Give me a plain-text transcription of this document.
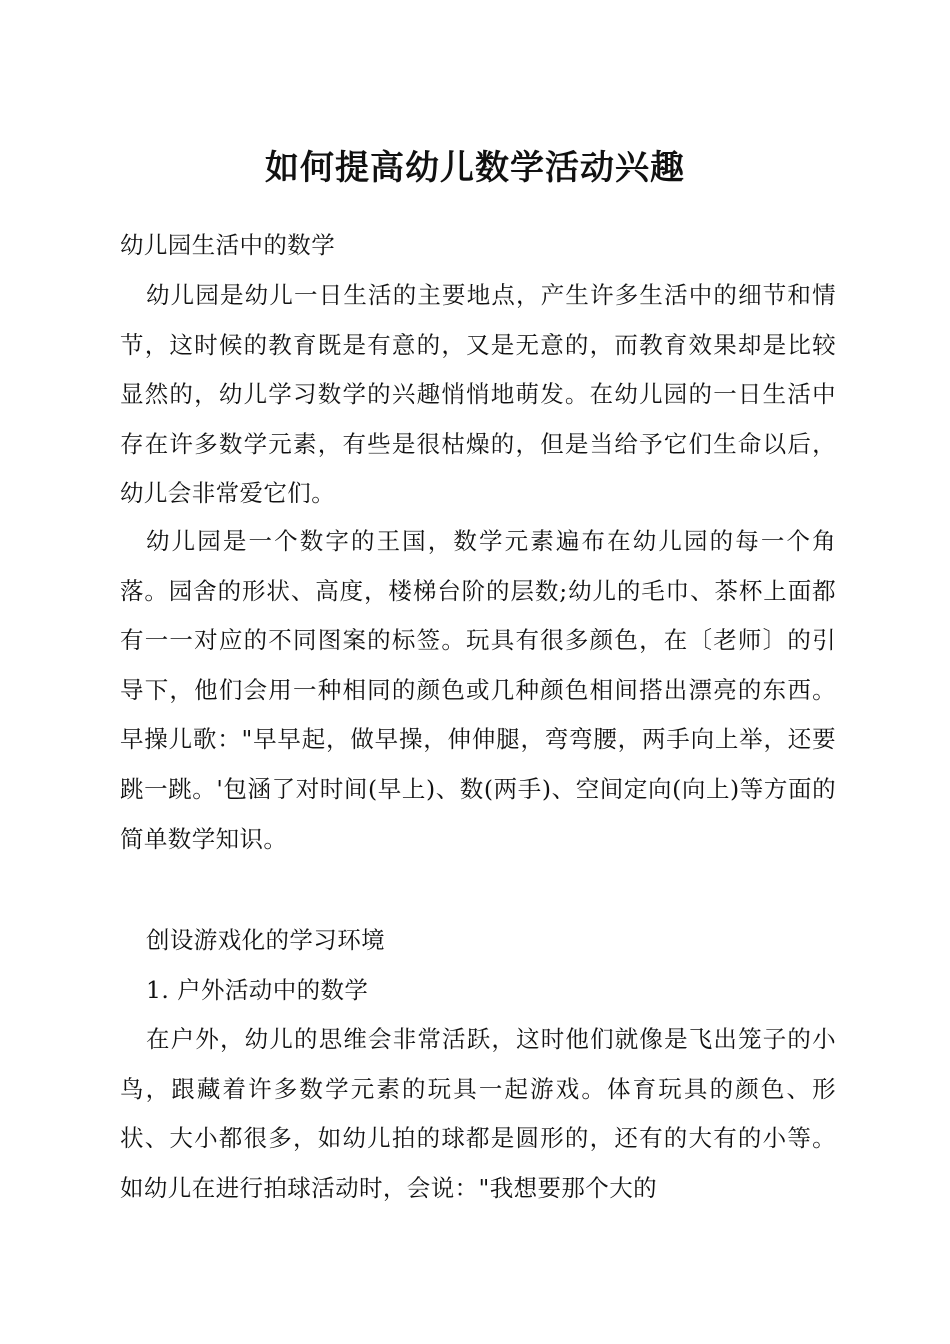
如何提高幼儿数学活动兴趣
幼儿园生活中的数学
幼儿园是幼儿一日生活的主要地点，产生许多生活中的细节和情节，这时候的教育既是有意的，又是无意的，而教育效果却是比较显然的，幼儿学习数学的兴趣悄悄地萌发。在幼儿园的一日生活中存在许多数学元素，有些是很枯燥的，但是当给予它们生命以后，幼儿会非常爱它们。
幼儿园是一个数字的王国，数学元素遍布在幼儿园的每一个角落。园舍的形状、高度，楼梯台阶的层数;幼儿的毛巾、茶杯上面都有一一对应的不同图案的标签。玩具有很多颜色，在〔老师〕的引导下，他们会用一种相同的颜色或几种颜色相间搭出漂亮的东西。早操儿歌："早早起，做早操，伸伸腿，弯弯腰，两手向上举，还要跳一跳。'包涵了对时间(早上)、数(两手)、空间定向(向上)等方面的简单数学知识。
创设游戏化的学习环境
1. 户外活动中的数学
在户外，幼儿的思维会非常活跃，这时他们就像是飞出笼子的小鸟，跟藏着许多数学元素的玩具一起游戏。体育玩具的颜色、形状、大小都很多，如幼儿拍的球都是圆形的，还有的大有的小等。如幼儿在进行拍球活动时，会说："我想要那个大的
